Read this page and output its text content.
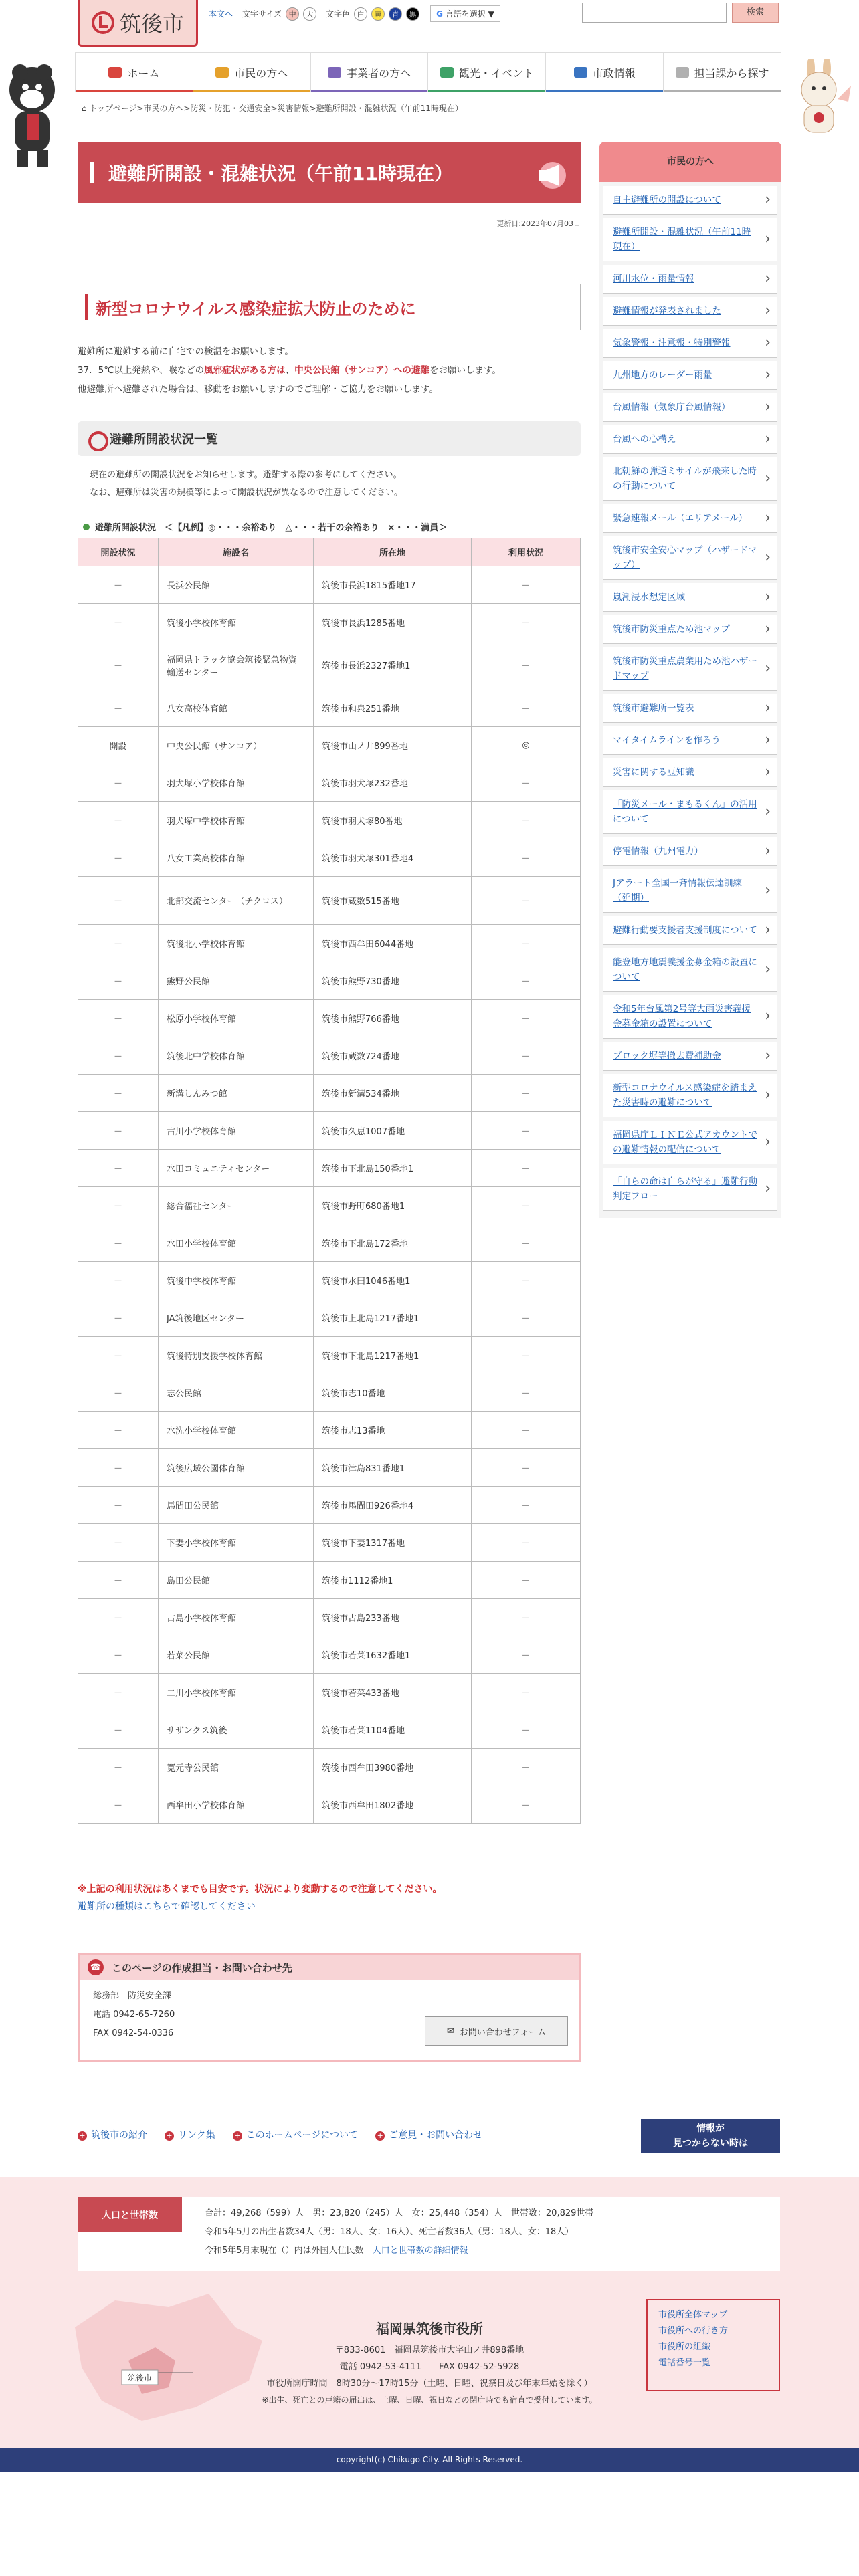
筑後市	本文へ 文字サイズ 中	大	文字色 白	黄	青	黒	G 言語を選択 ▼	検索
ホーム	市民の方へ	事業者の方へ	観光・イベント	市政情報	担当課から探す
⌂ トップページ>市民の方へ>防災・防犯・交通安全>災害情報>避難所開設・混雑状況（午前11時現在）
避難所開設・混雑状況（午前11時現在）
更新日:2023年07月03日
新型コロナウイルス感染症拡大防止のために
避難所に避難する前に自宅での検温をお願いします。
37．5℃以上発熱や、喉などの風邪症状がある方は、中央公民館（サンコア）への避難をお願いします。
他避難所へ避難された場合は、移動をお願いしますのでご理解・ご協力をお願いします。
避難所開設状況一覧
現在の避難所の開設状況をお知らせします。避難する際の参考にしてください。
なお、避難所は災害の規模等によって開設状況が異なるので注意してください。
避難所開設状況　＜【凡例】◎・・・余裕あり　△・・・若干の余裕あり　×・・・満員＞
開設状況	施設名	所在地	利用状況
－	長浜公民館	筑後市長浜1815番地17	－
－	筑後小学校体育館	筑後市長浜1285番地	－
－	福岡県トラック協会筑後緊急物資輸送センター	筑後市長浜2327番地1	－
－	八女高校体育館	筑後市和泉251番地	－
開設	中央公民館（サンコア）	筑後市山ノ井899番地	◎
－	羽犬塚小学校体育館	筑後市羽犬塚232番地	－
－	羽犬塚中学校体育館	筑後市羽犬塚80番地	－
－	八女工業高校体育館	筑後市羽犬塚301番地4	－
－	北部交流センター（チクロス）	筑後市蔵数515番地	－
－	筑後北小学校体育館	筑後市西牟田6044番地	－
－	熊野公民館	筑後市熊野730番地	－
－	松原小学校体育館	筑後市熊野766番地	－
－	筑後北中学校体育館	筑後市蔵数724番地	－
－	新溝しんみつ館	筑後市新溝534番地	－
－	古川小学校体育館	筑後市久恵1007番地	－
－	水田コミュニティセンター	筑後市下北島150番地1	－
－	総合福祉センター	筑後市野町680番地1	－
－	水田小学校体育館	筑後市下北島172番地	－
－	筑後中学校体育館	筑後市水田1046番地1	－
－	JA筑後地区センター	筑後市上北島1217番地1	－
－	筑後特別支援学校体育館	筑後市下北島1217番地1	－
－	志公民館	筑後市志10番地	－
－	水洗小学校体育館	筑後市志13番地	－
－	筑後広域公園体育館	筑後市津島831番地1	－
－	馬間田公民館	筑後市馬間田926番地4	－
－	下妻小学校体育館	筑後市下妻1317番地	－
－	島田公民館	筑後市1112番地1	－
－	古島小学校体育館	筑後市古島233番地	－
－	若菜公民館	筑後市若菜1632番地1	－
－	二川小学校体育館	筑後市若菜433番地	－
－	サザンクス筑後	筑後市若菜1104番地	－
－	寛元寺公民館	筑後市西牟田3980番地	－
－	西牟田小学校体育館	筑後市西牟田1802番地	－
※上記の利用状況はあくまでも目安です。状況により変動するので注意してください。
避難所の種類はこちらで確認してください
☎ このページの作成担当・お問い合わせ先
総務部　防災安全課
電話 0942-65-7260
FAX 0942-54-0336	✉ お問い合わせフォーム
+ 筑後市の紹介	+ リンク集	+ このホームページについて	+ ご意見・お問い合わせ
情報が
見つからない時は
人口と世帯数	合計：49,268（599）人　男：23,820（245）人　女：25,448（354）人　世帯数：20,829世帯
令和5年5月の出生者数34人（男：18人、女：16人）、死亡者数36人（男：18人、女：18人）
令和5年5月末現在（）内は外国人住民数　 人口と世帯数の詳細情報
筑後市
福岡県筑後市役所
〒833-8601　福岡県筑後市大字山ノ井898番地
電話 0942-53-4111　　FAX 0942-52-5928
市役所開庁時間　8時30分〜17時15分（土曜、日曜、祝祭日及び年末年始を除く）
※出生、死亡との戸籍の届出は、土曜、日曜、祝日などの閉庁時でも宿直で受付しています。
市役所全体マップ
市役所への行き方
市役所の組織
電話番号一覧
copyright(c) Chikugo City. All Rights Reserved.
市民の方へ
自主避難所の開設について ›
避難所開設・混雑状況（午前11時現在） ›
河川水位・雨量情報 ›
避難情報が発表されました ›
気象警報・注意報・特別警報 ›
九州地方のレーダー雨量 ›
台風情報（気象庁台風情報） ›
台風への心構え ›
北朝鮮の弾道ミサイルが飛来した時の行動について ›
緊急速報メール（エリアメール） ›
筑後市安全安心マップ（ハザードマップ） ›
嵐潮浸水想定区域 ›
筑後市防災重点ため池マップ ›
筑後市防災重点農業用ため池ハザードマップ ›
筑後市避難所一覧表 ›
マイタイムラインを作ろう ›
災害に関する豆知識 ›
「防災メール・まもるくん」の活用について ›
停電情報（九州電力） ›
Jアラート全国一斉情報伝達訓練（延期） ›
避難行動要支援者支援制度について ›
能登地方地震義援金募金箱の設置について ›
令和5年台風第2号等大雨災害義援金募金箱の設置について ›
ブロック塀等撤去費補助金 ›
新型コロナウイルス感染症を踏まえた災害時の避難について ›
福岡県庁ＬＩＮＥ公式アカウントでの避難情報の配信について ›
「自らの命は自らが守る」避難行動判定フロー ›
